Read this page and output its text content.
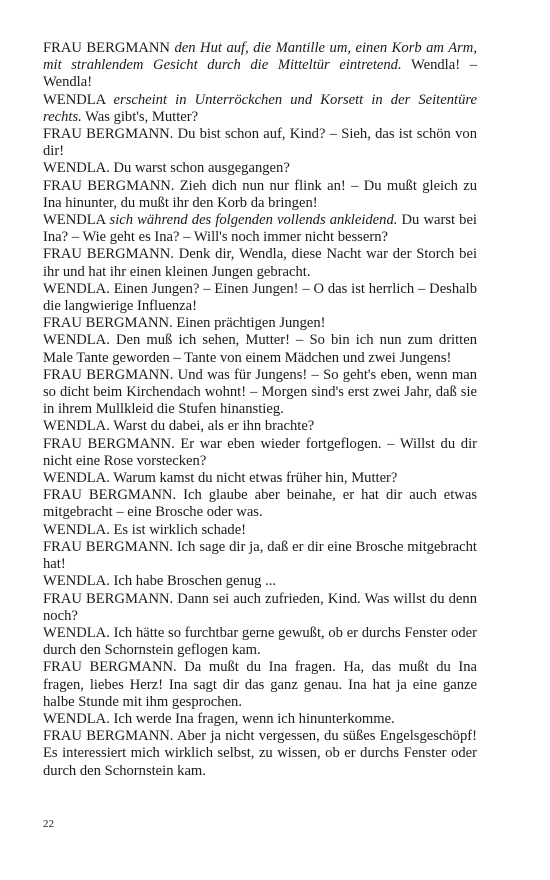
FRAU BERGMANN den Hut auf, die Mantille um, einen Korb am Arm, mit strahlendem Gesicht durch die Mitteltür eintretend. Wendla! – Wendla!

WENDLA erscheint in Unterröckchen und Korsett in der Seitentüre rechts. Was gibt's, Mutter?

FRAU BERGMANN. Du bist schon auf, Kind? – Sieh, das ist schön von dir!

WENDLA. Du warst schon ausgegangen?

FRAU BERGMANN. Zieh dich nun nur flink an! – Du mußt gleich zu Ina hinunter, du mußt ihr den Korb da bringen!

WENDLA sich während des folgenden vollends ankleidend. Du warst bei Ina? – Wie geht es Ina? – Will's noch immer nicht bessern?

FRAU BERGMANN. Denk dir, Wendla, diese Nacht war der Storch bei ihr und hat ihr einen kleinen Jungen gebracht.

WENDLA. Einen Jungen? – Einen Jungen! – O das ist herrlich – Deshalb die langwierige Influenza!

FRAU BERGMANN. Einen prächtigen Jungen!

WENDLA. Den muß ich sehen, Mutter! – So bin ich nun zum dritten Male Tante geworden – Tante von einem Mädchen und zwei Jungens!

FRAU BERGMANN. Und was für Jungens! – So geht's eben, wenn man so dicht beim Kirchendach wohnt! – Morgen sind's erst zwei Jahr, daß sie in ihrem Mullkleid die Stufen hinanstieg.

WENDLA. Warst du dabei, als er ihn brachte?

FRAU BERGMANN. Er war eben wieder fortgeflogen. – Willst du dir nicht eine Rose vorstecken?

WENDLA. Warum kamst du nicht etwas früher hin, Mutter?

FRAU BERGMANN. Ich glaube aber beinahe, er hat dir auch etwas mitgebracht – eine Brosche oder was.

WENDLA. Es ist wirklich schade!

FRAU BERGMANN. Ich sage dir ja, daß er dir eine Brosche mitgebracht hat!

WENDLA. Ich habe Broschen genug ...

FRAU BERGMANN. Dann sei auch zufrieden, Kind. Was willst du denn noch?

WENDLA. Ich hätte so furchtbar gerne gewußt, ob er durchs Fenster oder durch den Schornstein geflogen kam.

FRAU BERGMANN. Da mußt du Ina fragen. Ha, das mußt du Ina fragen, liebes Herz! Ina sagt dir das ganz genau. Ina hat ja eine ganze halbe Stunde mit ihm gesprochen.

WENDLA. Ich werde Ina fragen, wenn ich hinunterkomme.

FRAU BERGMANN. Aber ja nicht vergessen, du süßes Engelsgeschöpf! Es interessiert mich wirklich selbst, zu wissen, ob er durchs Fenster oder durch den Schornstein kam.

22
